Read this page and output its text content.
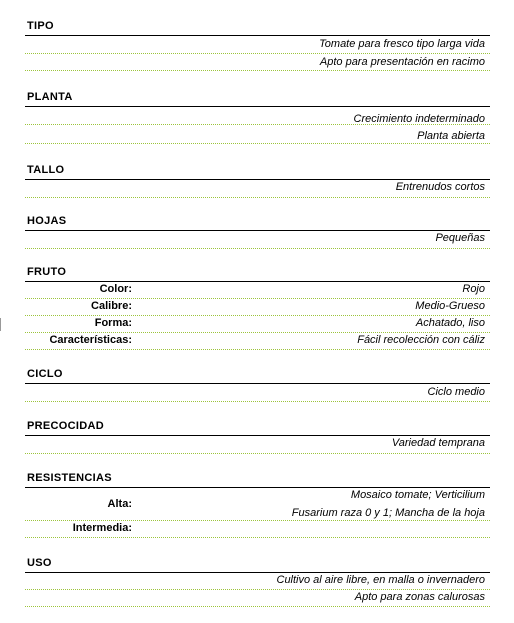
TIPO
Tomate para fresco tipo larga vida
Apto para presentación en racimo
PLANTA
Crecimiento indeterminado
Planta abierta
TALLO
Entrenudos cortos
HOJAS
Pequeñas
FRUTO
Color:	Rojo
Calibre:	Medio-Grueso
Forma:	Achatado, liso
Características:	Fácil recolección con cáliz
CICLO
Ciclo medio
PRECOCIDAD
Variedad temprana
RESISTENCIAS
Alta:
Mosaico tomate; Verticilium
Fusarium raza 0 y 1; Mancha de la hoja
Intermedia:
USO
Cultivo al aire libre, en malla o invernadero
Apto para zonas calurosas
